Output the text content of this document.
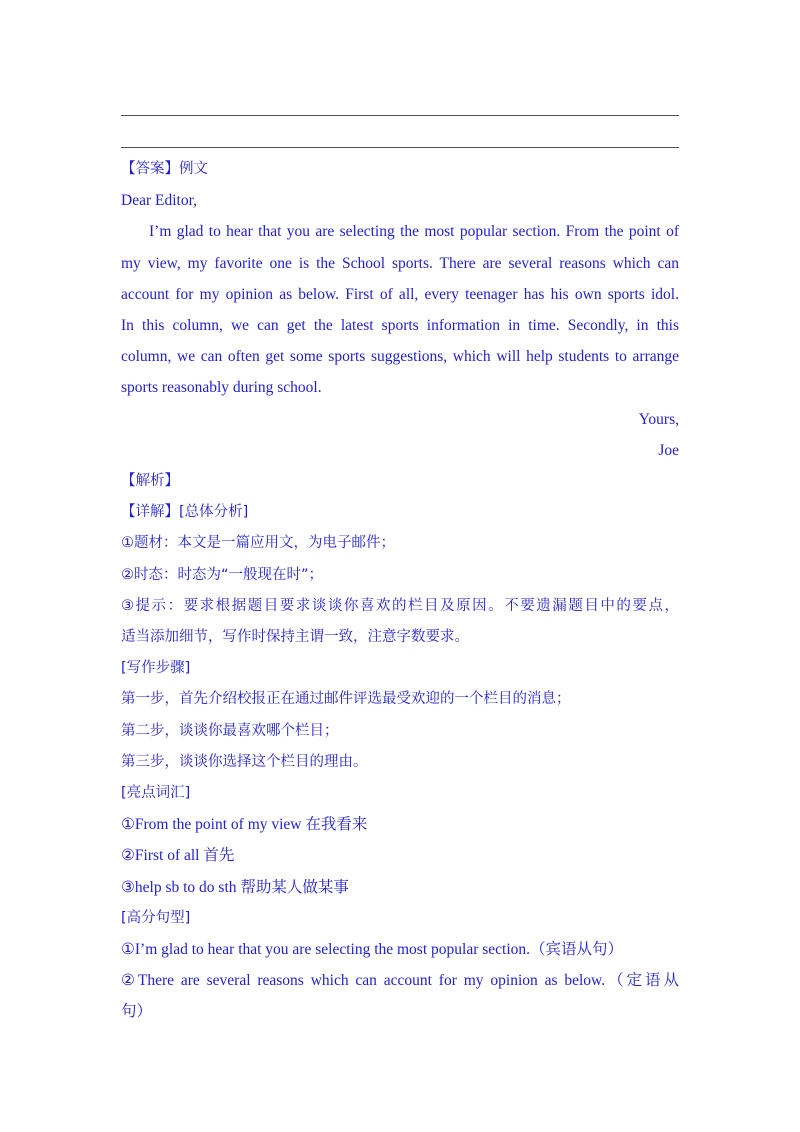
【答案】例文
Dear Editor,
I’m glad to hear that you are selecting the most popular section. From the point of
my view, my favorite one is the School sports. There are several reasons which can
account for my opinion as below. First of all, every teenager has his own sports idol.
In this column, we can get the latest sports information in time. Secondly, in this
column, we can often get some sports suggestions, which will help students to arrange
sports reasonably during school.
Yours,
Joe
【解析】
【详解】[总体分析]
①题材：本文是一篇应用文，为电子邮件；
②时态：时态为“一般现在时”；
③提示：要求根据题目要求谈谈你喜欢的栏目及原因。不要遗漏题目中的要点，
适当添加细节，写作时保持主谓一致，注意字数要求。
[写作步骤]
第一步，首先介绍校报正在通过邮件评选最受欢迎的一个栏目的消息；
第二步，谈谈你最喜欢哪个栏目；
第三步，谈谈你选择这个栏目的理由。
[亮点词汇]
①From the point of my view 在我看来
②First of all 首先
③help sb to do sth 帮助某人做某事
[高分句型]
①I’m glad to hear that you are selecting the most popular section.（宾语从句）
②There are several reasons which can account for my opinion as below.（定语从
句）
